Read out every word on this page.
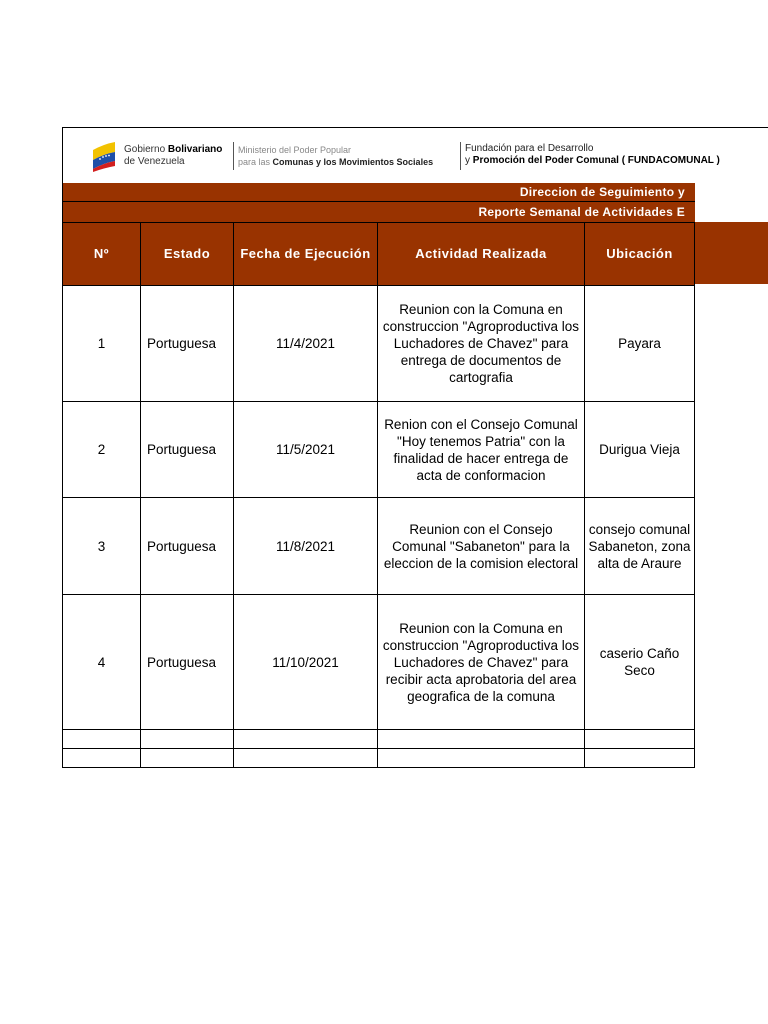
Gobierno Bolivariano
de Venezuela
Ministerio del Poder Popular
para las Comunas y los Movimientos Sociales
Fundación para el Desarrollo
y Promoción del Poder Comunal ( FUNDACOMUNAL )
Direccion de Seguimiento y
Reporte Semanal de Actividades E
Nº	Estado	Fecha de Ejecución	Actividad Realizada	Ubicación
1	Portuguesa	11/4/2021	Reunion con la Comuna en construccion "Agroproductiva los Luchadores de Chavez" para entrega de documentos de cartografia	Payara
2	Portuguesa	11/5/2021	Renion con el Consejo Comunal "Hoy tenemos Patria" con la finalidad de hacer entrega de acta de conformacion	Durigua Vieja
3	Portuguesa	11/8/2021	Reunion con el Consejo Comunal "Sabaneton" para la eleccion de la comision electoral	consejo comunal Sabaneton, zona alta de Araure
4	Portuguesa	11/10/2021	Reunion con la Comuna en construccion "Agroproductiva los Luchadores de Chavez" para recibir acta aprobatoria del area geografica de la comuna	caserio Caño Seco
